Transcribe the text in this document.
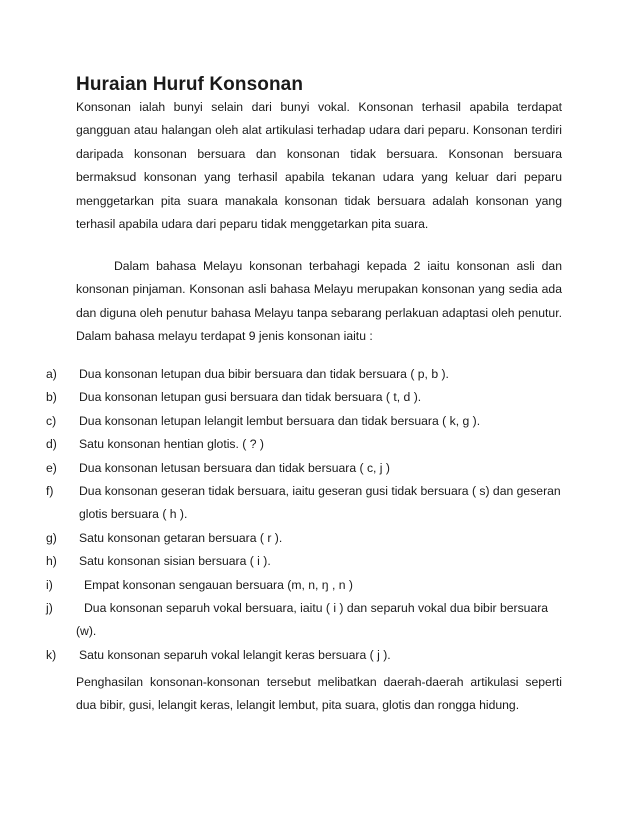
Huraian Huruf Konsonan

Konsonan ialah bunyi selain dari bunyi vokal. Konsonan terhasil apabila terdapat gangguan atau halangan oleh alat artikulasi terhadap udara dari peparu. Konsonan terdiri daripada konsonan bersuara dan konsonan tidak bersuara. Konsonan bersuara bermaksud konsonan yang terhasil apabila tekanan udara yang keluar dari peparu menggetarkan pita suara manakala konsonan tidak bersuara adalah konsonan yang terhasil apabila udara dari peparu tidak menggetarkan pita suara.

Dalam bahasa Melayu konsonan terbahagi kepada 2 iaitu konsonan asli dan konsonan pinjaman. Konsonan asli bahasa Melayu merupakan konsonan yang sedia ada dan diguna oleh penutur bahasa Melayu tanpa sebarang perlakuan adaptasi oleh penutur. Dalam bahasa melayu terdapat 9 jenis konsonan iaitu :

a) Dua konsonan letupan dua bibir bersuara dan tidak bersuara ( p, b ).
b) Dua konsonan letupan gusi bersuara dan tidak bersuara ( t, d ).
c) Dua konsonan letupan lelangit lembut bersuara dan tidak bersuara ( k, g ).
d) Satu konsonan hentian glotis. ( ? )
e) Dua konsonan letusan bersuara dan tidak bersuara ( c, j )
f) Dua konsonan geseran tidak bersuara, iaitu geseran gusi tidak bersuara ( s) dan geseran glotis bersuara ( h ).
g) Satu konsonan getaran bersuara ( r ).
h) Satu konsonan sisian bersuara ( i ).
i)	Empat konsonan sengauan bersuara (m, n, ŋ , n )
j)	Dua konsonan separuh vokal bersuara, iaitu ( i ) dan separuh vokal dua bibir bersuara (w).
k) Satu konsonan separuh vokal lelangit keras bersuara ( j ).

Penghasilan konsonan-konsonan tersebut melibatkan daerah-daerah artikulasi seperti dua bibir, gusi, lelangit keras, lelangit lembut, pita suara, glotis dan rongga hidung.
